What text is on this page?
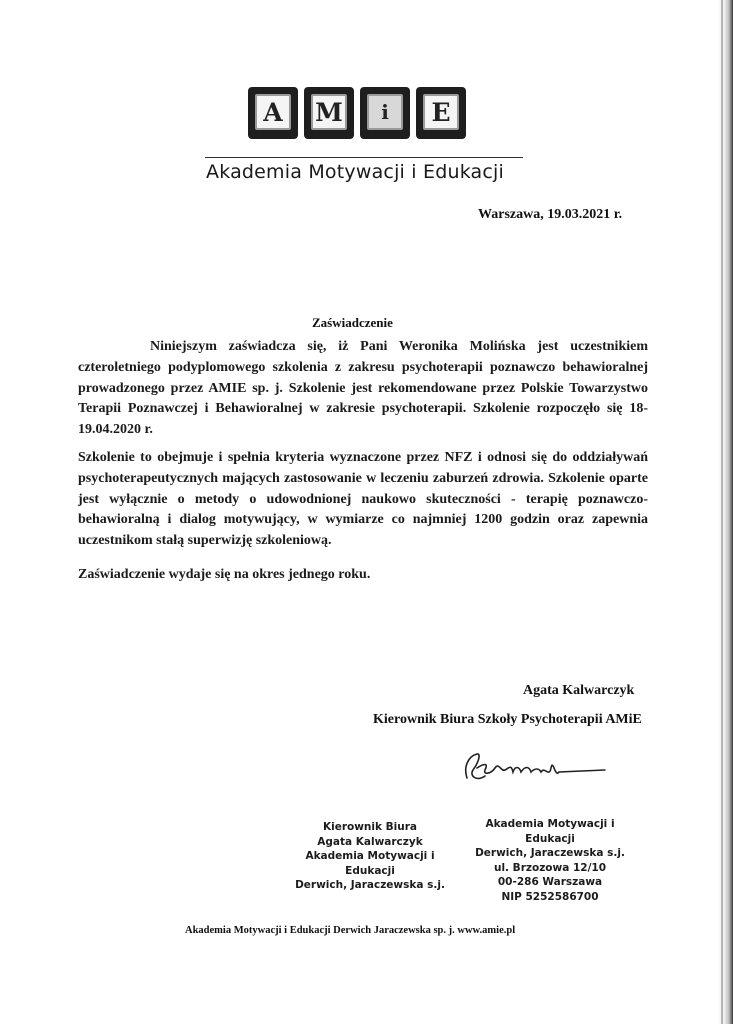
A	M	i	E
Akademia Motywacji i Edukacji
Warszawa, 19.03.2021 r.
Zaświadczenie
Niniejszym zaświadcza się, iż Pani Weronika Molińska jest uczestnikiem czteroletniego podyplomowego szkolenia z zakresu psychoterapii poznawczo behawioralnej prowadzonego przez AMIE sp. j. Szkolenie jest rekomendowane przez Polskie Towarzystwo Terapii Poznawczej i Behawioralnej w zakresie psychoterapii. Szkolenie rozpoczęło się 18-19.04.2020 r.
Szkolenie to obejmuje i spełnia kryteria wyznaczone przez NFZ i odnosi się do oddziaływań psychoterapeutycznych mających zastosowanie w leczeniu zaburzeń zdrowia. Szkolenie oparte jest wyłącznie o metody o udowodnionej naukowo skuteczności - terapię poznawczo-behawioralną i dialog motywujący, w wymiarze co najmniej 1200 godzin oraz zapewnia uczestnikom stałą superwizję szkoleniową.
Zaświadczenie wydaje się na okres jednego roku.
Agata Kalwarczyk
Kierownik Biura Szkoły Psychoterapii AMiE
Kierownik Biura
Agata Kalwarczyk
Akademia Motywacji i Edukacji
Derwich, Jaraczewska s.j.
Akademia Motywacji i Edukacji
Derwich, Jaraczewska s.j.
ul. Brzozowa 12/10
00-286 Warszawa
NIP 5252586700
Akademia Motywacji i Edukacji Derwich Jaraczewska sp. j. www.amie.pl
